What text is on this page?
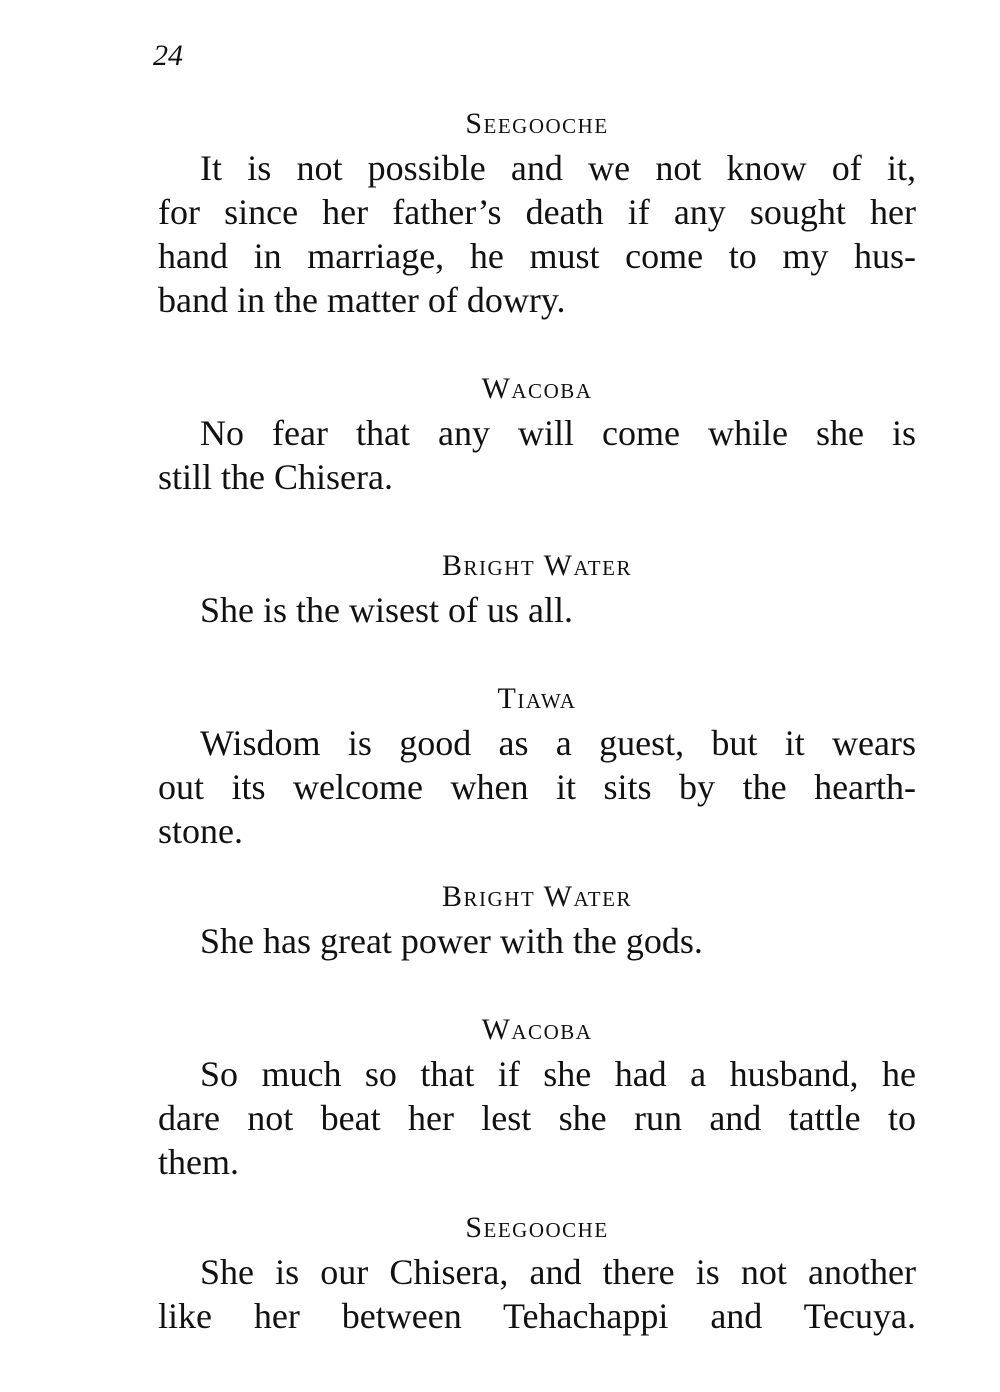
24
Seegooche
It is not possible and we not know of it,
for since her father’s death if any sought her
hand in marriage, he must come to my hus-
band in the matter of dowry.
Wacoba
No fear that any will come while she is
still the Chisera.
Bright Water
She is the wisest of us all.
Tiawa
Wisdom is good as a guest, but it wears
out its welcome when it sits by the hearth-
stone.
Bright Water
She has great power with the gods.
Wacoba
So much so that if she had a husband, he
dare not beat her lest she run and tattle to
them.
Seegooche
She is our Chisera, and there is not another
like her between Tehachappi and Tecuya.
